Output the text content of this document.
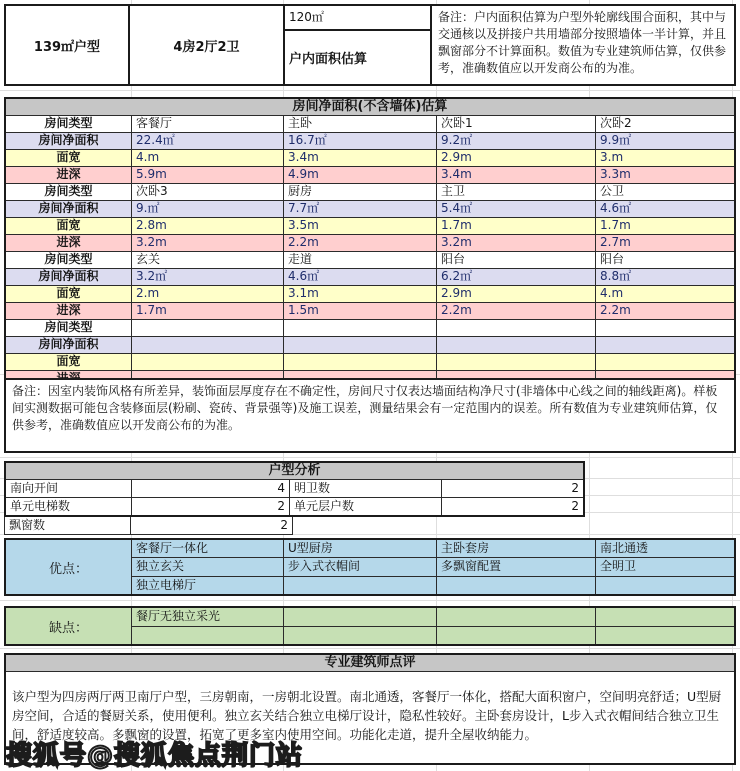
139㎡户型	4房2厅2卫
120㎡
户内面积估算
备注：户内面积估算为户型外轮廓线围合面积，其中与交通核以及拼接户共用墙部分按照墙体一半计算，并且飘窗部分不计算面积。数值为专业建筑师估算，仅供参考，准确数值应以开发商公布的为准。
房间净面积(不含墙体)估算
房间类型	客餐厅	主卧	次卧1	次卧2
房间净面积	22.4㎡	16.7㎡	9.2㎡	9.9㎡
面宽	4.m	3.4m	2.9m	3.m
进深	5.9m	4.9m	3.4m	3.3m
房间类型	次卧3	厨房	主卫	公卫
房间净面积	9.㎡	7.7㎡	5.4㎡	4.6㎡
面宽	2.8m	3.5m	1.7m	1.7m
进深	3.2m	2.2m	3.2m	2.7m
房间类型	玄关	走道	阳台	阳台
房间净面积	3.2㎡	4.6㎡	6.2㎡	8.8㎡
面宽	2.m	3.1m	2.9m	4.m
进深	1.7m	1.5m	2.2m	2.2m
房间类型
房间净面积
面宽
备注：因室内装饰风格有所差异，装饰面层厚度存在不确定性，房间尺寸仅表达墙面结构净尺寸(非墙体中心线之间的轴线距离)。样板间实测数据可能包含装修面层(粉刷、瓷砖、背景强等)及施工误差，测量结果会有一定范围内的误差。所有数值为专业建筑师估算，仅供参考，准确数值应以开发商公布的为准。
户型分析
南向开间	4 明卫数	2
单元电梯数	2 单元层户数	2
飘窗数	2
优点：
客餐厅一体化	U型厨房	主卧套房	南北通透
独立玄关	步入式衣帽间	多飘窗配置	全明卫
独立电梯厅
缺点：
餐厅无独立采光
专业建筑师点评
该户型为四房两厅两卫南厅户型，三房朝南，一房朝北设置。南北通透，客餐厅一体化，搭配大面积窗户，空间明亮舒适；U型厨房空间，合适的餐厨关系，使用便利。独立玄关结合独立电梯厅设计，隐私性较好。主卧套房设计，L步入式衣帽间结合独立卫生间，舒适度较高。多飘窗的设置，拓宽了更多室内使用空间。功能化走道，提升全屋收纳能力。
搜狐号@搜狐焦点荆门站
